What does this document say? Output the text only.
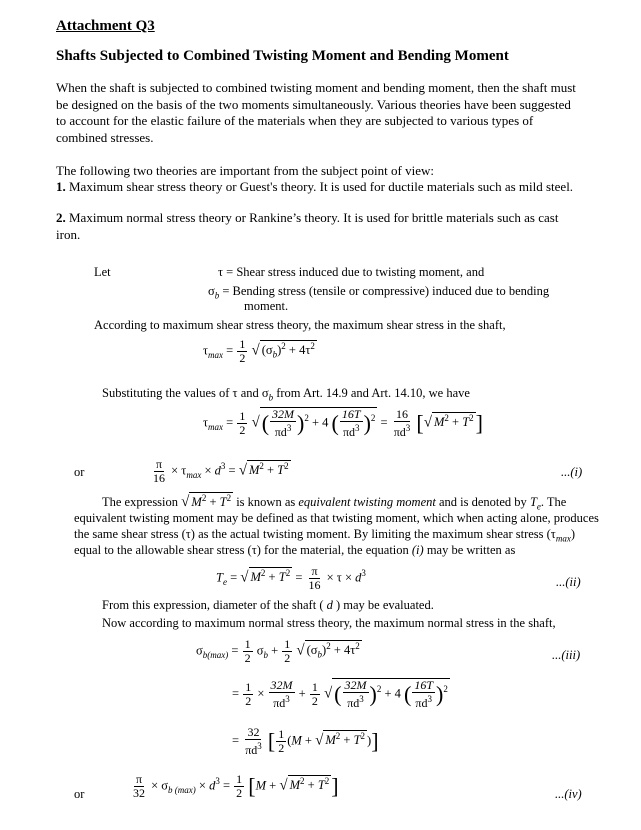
Attachment Q3
Shafts Subjected to Combined Twisting Moment and Bending Moment
When the shaft is subjected to combined twisting moment and bending moment, then the shaft must be designed on the basis of the two moments simultaneously. Various theories have been suggested to account for the elastic failure of the materials when they are subjected to various types of combined stresses.
The following two theories are important from the subject point of view:
1. Maximum shear stress theory or Guest's theory. It is used for ductile materials such as mild steel.
2. Maximum normal stress theory or Rankine’s theory. It is used for brittle materials such as cast iron.
Let	τ = Shear stress induced due to twisting moment, and
$\sigma_b$ = Bending stress (tensile or compressive) induced due to bending
moment.
According to maximum shear stress theory, the maximum shear stress in the shaft,
$\tau_{max} = \frac{1}{2}$ √ $(\sigma_b)^2 + 4\tau^2$
Substituting the values of τ and $\sigma_b$ from Art. 14.9 and Art. 14.10, we have
$\tau_{max} = \frac{1}{2}$ √( $\frac{32M}{\pi d^3} )^2 + 4$ ( $\frac{16T}{\pi d^3} )^2 = \frac{16}{\pi d^3}$ [√ $M^2 + T^2$]
or	$\frac{\pi}{16} \times \tau_{max} \times d^3$ = √ $M^2 + T^2$	...(i)
The expression √ $M^2 + T^2$ is known as equivalent twisting moment and is denoted by $T_e$. The
equivalent twisting moment may be defined as that twisting moment, which when acting alone, produces
the same shear stress (τ) as the actual twisting moment. By limiting the maximum shear stress $(\tau_{max})$
equal to the allowable shear stress (τ) for the material, the equation (i) may be written as
$T_e$ = √ $M^2 + T^2 = \frac{\pi}{16} \times \tau \times d^3$
...(ii)
From this expression, diameter of the shaft ( d ) may be evaluated.
Now according to maximum normal stress theory, the maximum normal stress in the shaft,
$\sigma_{b(max)} = \frac{1}{2} \sigma_b + \frac{1}{2}$ √ $(\sigma_b)^2 + 4\tau^2$
...(iii)
= $\frac{1}{2} \times \frac{32M}{\pi d^3} + \frac{1}{2}$ √( $\frac{32M}{\pi d^3} )^2 + 4$ ( $\frac{16T}{\pi d^3} )^2$
= $\frac{32}{\pi d^3}$ [ $\frac{1}{2} (M$ + √ $M^2 + T^2$ )]
or	$\frac{\pi}{32} \times \sigma_{b (max)} \times d^3 = \frac{1}{2} [M$ + √ $M^2 + T^2$]	...(iv)
